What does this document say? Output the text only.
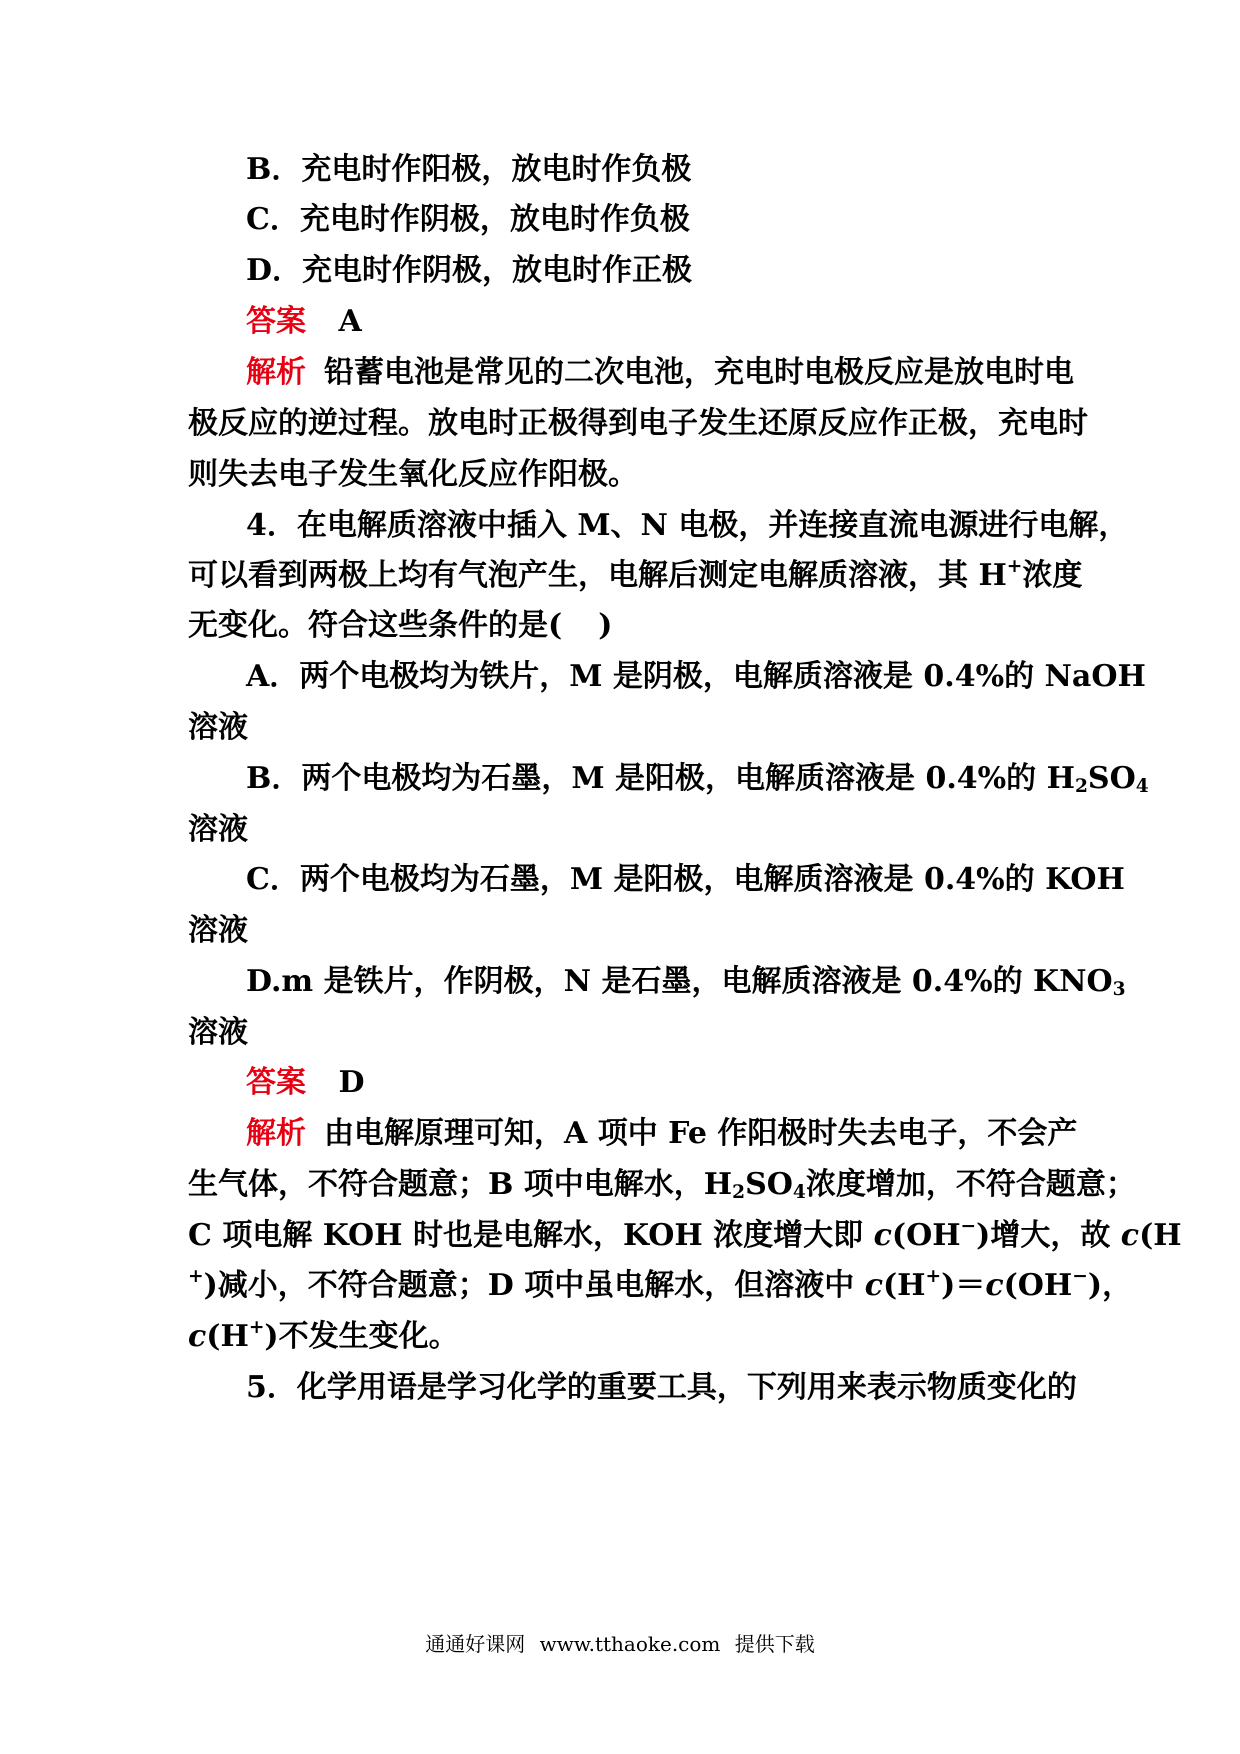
B．充电时作阳极，放电时作负极
C．充电时作阴极，放电时作负极
D．充电时作阴极，放电时作正极
答案 A
解析 铅蓄电池是常见的二次电池，充电时电极反应是放电时电
极反应的逆过程。放电时正极得到电子发生还原反应作正极，充电时
则失去电子发生氧化反应作阳极。
4．在电解质溶液中插入 M、N 电极，并连接直流电源进行电解，
可以看到两极上均有气泡产生，电解后测定电解质溶液，其 H+浓度
无变化。符合这些条件的是( )
A．两个电极均为铁片，M 是阴极，电解质溶液是 0.4%的 NaOH
溶液
B．两个电极均为石墨，M 是阳极，电解质溶液是 0.4%的 $H_2SO_4$
溶液
C．两个电极均为石墨，M 是阳极，电解质溶液是 0.4%的 KOH
溶液
D.m 是铁片，作阴极，N 是石墨，电解质溶液是 0.4%的 $KNO_3$
溶液
答案 D
解析 由电解原理可知，A 项中 Fe 作阳极时失去电子，不会产
生气体，不符合题意；B 项中电解水，$H_2SO_4$浓度增加，不符合题意；
C 项电解 KOH 时也是电解水，KOH 浓度增大即 c(OH−)增大，故 c(H
+)减小，不符合题意；D 项中虽电解水，但溶液中 c(H+)＝c(OH−)，
c(H+)不发生变化。
5．化学用语是学习化学的重要工具，下列用来表示物质变化的
通通好课网 www.tthaoke.com 提供下载
